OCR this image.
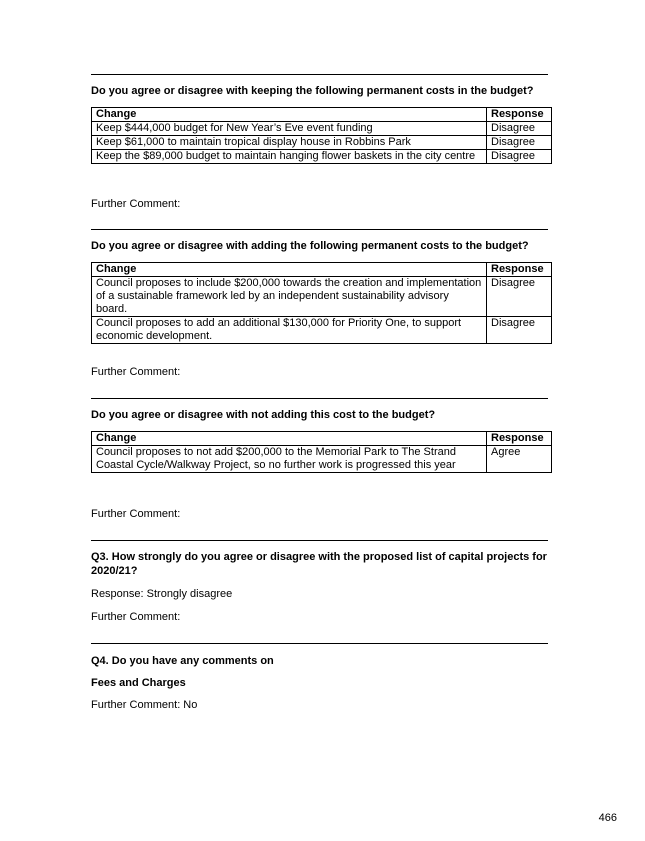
Do you agree or disagree with keeping the following permanent costs in the budget?
Change	Response
Keep $444,000 budget for New Year’s Eve event funding	Disagree
Keep $61,000 to maintain tropical display house in Robbins Park	Disagree
Keep the $89,000 budget to maintain hanging flower baskets in the city centre	Disagree
Further Comment:
Do you agree or disagree with adding the following permanent costs to the budget?
Change	Response
Council proposes to include $200,000 towards the creation and implementation of a sustainable framework led by an independent sustainability advisory board.	Disagree
Council proposes to add an additional $130,000 for Priority One, to support economic development.	Disagree
Further Comment:
Do you agree or disagree with not adding this cost to the budget?
Change	Response
Council proposes to not add $200,000 to the Memorial Park to The Strand Coastal Cycle/Walkway Project, so no further work is progressed this year	Agree
Further Comment:
Q3. How strongly do you agree or disagree with the proposed list of capital projects for 2020/21?
Response: Strongly disagree
Further Comment:
Q4. Do you have any comments on
Fees and Charges
Further Comment: No
466
